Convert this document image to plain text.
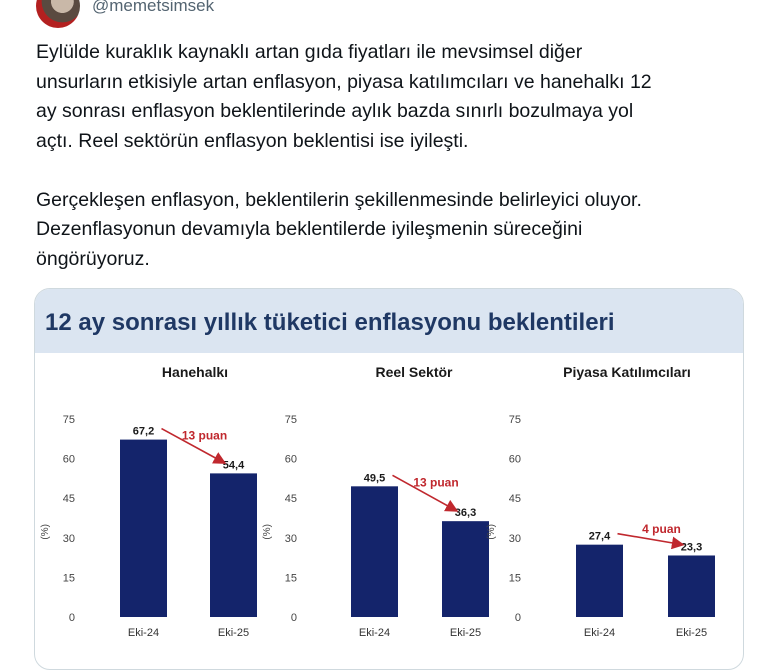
@memetsimsek

Eylülde kuraklık kaynaklı artan gıda fiyatları ile mevsimsel diğer
unsurların etkisiyle artan enflasyon, piyasa katılımcıları ve hanehalkı 12
ay sonrası enflasyon beklentilerinde aylık bazda sınırlı bozulmaya yol
açtı. Reel sektörün enflasyon beklentisi ise iyileşti.

Gerçekleşen enflasyon, beklentilerin şekillenmesinde belirleyici oluyor.
Dezenflasyonun devamıyla beklentilerde iyileşmenin süreceğini
öngörüyoruz.

12 ay sonrası yıllık tüketici enflasyonu beklentileri
Hanehalkı
0
15
30
45
60
75
(%)
67,2
Eki-24
54,4
Eki-25
13 puan
Reel Sektör
0
15
30
45
60
75
(%)
49,5
Eki-24
36,3
Eki-25
13 puan
Piyasa Katılımcıları
0
15
30
45
60
75
(%)	27,4
Eki-24
23,3
Eki-25
4 puan
